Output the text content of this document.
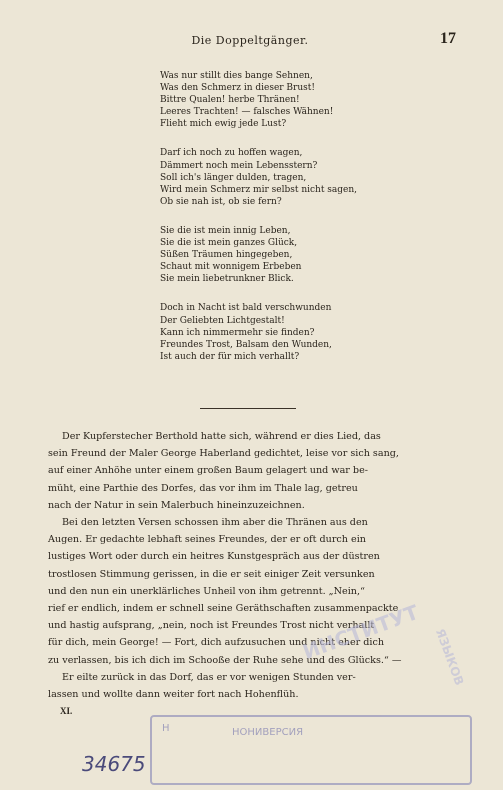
Die Doppeltgänger.	17
Was nur stillt dies bange Sehnen,
Was den Schmerz in dieser Brust!
Bittre Qualen! herbe Thränen!
Leeres Trachten! — falsches Wähnen!
Flieht mich ewig jede Lust?
Darf ich noch zu hoffen wagen,
Dämmert noch mein Lebensstern?
Soll ich's länger dulden, tragen,
Wird mein Schmerz mir selbst nicht sagen,
Ob sie nah ist, ob sie fern?
Sie die ist mein innig Leben,
Sie die ist mein ganzes Glück,
Süßen Träumen hingegeben,
Schaut mit wonnigem Erbeben
Sie mein liebetrunkner Blick.
Doch in Nacht ist bald verschwunden
Der Geliebten Lichtgestalt!
Kann ich nimmermehr sie finden?
Freundes Trost, Balsam den Wunden,
Ist auch der für mich verhallt?
Der Kupferstecher Berthold hatte sich, während er dies Lied, das
sein Freund der Maler George Haberland gedichtet, leise vor sich sang,
auf einer Anhöhe unter einem großen Baum gelagert und war be-
müht, eine Parthie des Dorfes, das vor ihm im Thale lag, getreu
nach der Natur in sein Malerbuch hineinzuzeichnen.
Bei den letzten Versen schossen ihm aber die Thränen aus den
Augen. Er gedachte lebhaft seines Freundes, der er oft durch ein
lustiges Wort oder durch ein heitres Kunstgespräch aus der düstren
trostlosen Stimmung gerissen, in die er seit einiger Zeit versunken
und den nun ein unerklärliches Unheil von ihm getrennt. „Nein,“
rief er endlich, indem er schnell seine Geräthschaften zusammenpackte
und hastig aufsprang, „nein, noch ist Freundes Trost nicht verhallt
für dich, mein George! — Fort, dich aufzusuchen und nicht eher dich
zu verlassen, bis ich dich im Schooße der Ruhe sehe und des Glücks.“ —
Er eilte zurück in das Dorf, das er vor wenigen Stunden ver-
lassen und wollte dann weiter fort nach Hohenflüh.
XI.
ИНСТИТУТ ЯЗЫКОВ
Н	НОНИВЕРСИЯ
34675
